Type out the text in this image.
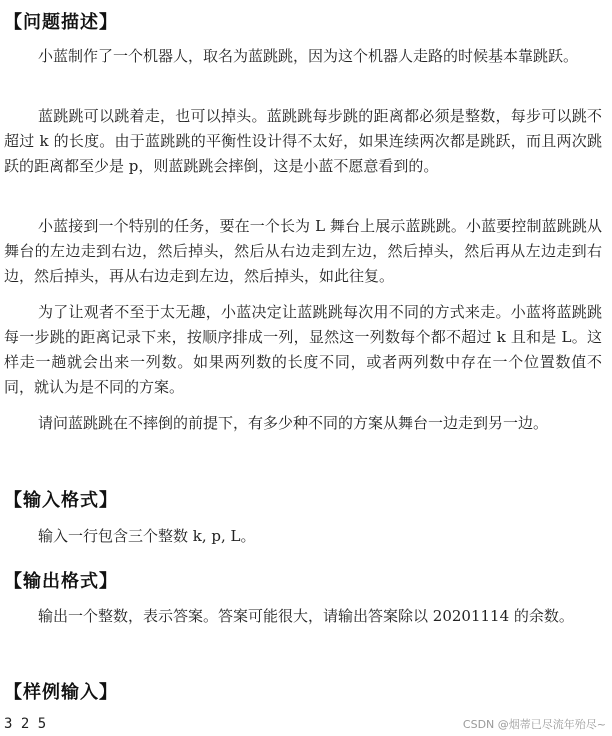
【问题描述】

小蓝制作了一个机器人，取名为蓝跳跳，因为这个机器人走路的时候基本靠跳跃。

蓝跳跳可以跳着走，也可以掉头。蓝跳跳每步跳的距离都必须是整数，每步可以跳不超过 k 的长度。由于蓝跳跳的平衡性设计得不太好，如果连续两次都是跳跃，而且两次跳跃的距离都至少是 p，则蓝跳跳会摔倒，这是小蓝不愿意看到的。

小蓝接到一个特别的任务，要在一个长为 L 舞台上展示蓝跳跳。小蓝要控制蓝跳跳从舞台的左边走到右边，然后掉头，然后从右边走到左边，然后掉头，然后再从左边走到右边，然后掉头，再从右边走到左边，然后掉头，如此往复。

为了让观者不至于太无趣，小蓝决定让蓝跳跳每次用不同的方式来走。小蓝将蓝跳跳每一步跳的距离记录下来，按顺序排成一列，显然这一列数每个都不超过 k 且和是 L。这样走一趟就会出来一列数。如果两列数的长度不同，或者两列数中存在一个位置数值不同，就认为是不同的方案。

请问蓝跳跳在不摔倒的前提下，有多少种不同的方案从舞台一边走到另一边。

【输入格式】

输入一行包含三个整数 k, p, L。

【输出格式】

输出一个整数，表示答案。答案可能很大，请输出答案除以 20201114 的余数。

【样例输入】
3 2 5	CSDN @烟蒂已尽流年殆尽~
